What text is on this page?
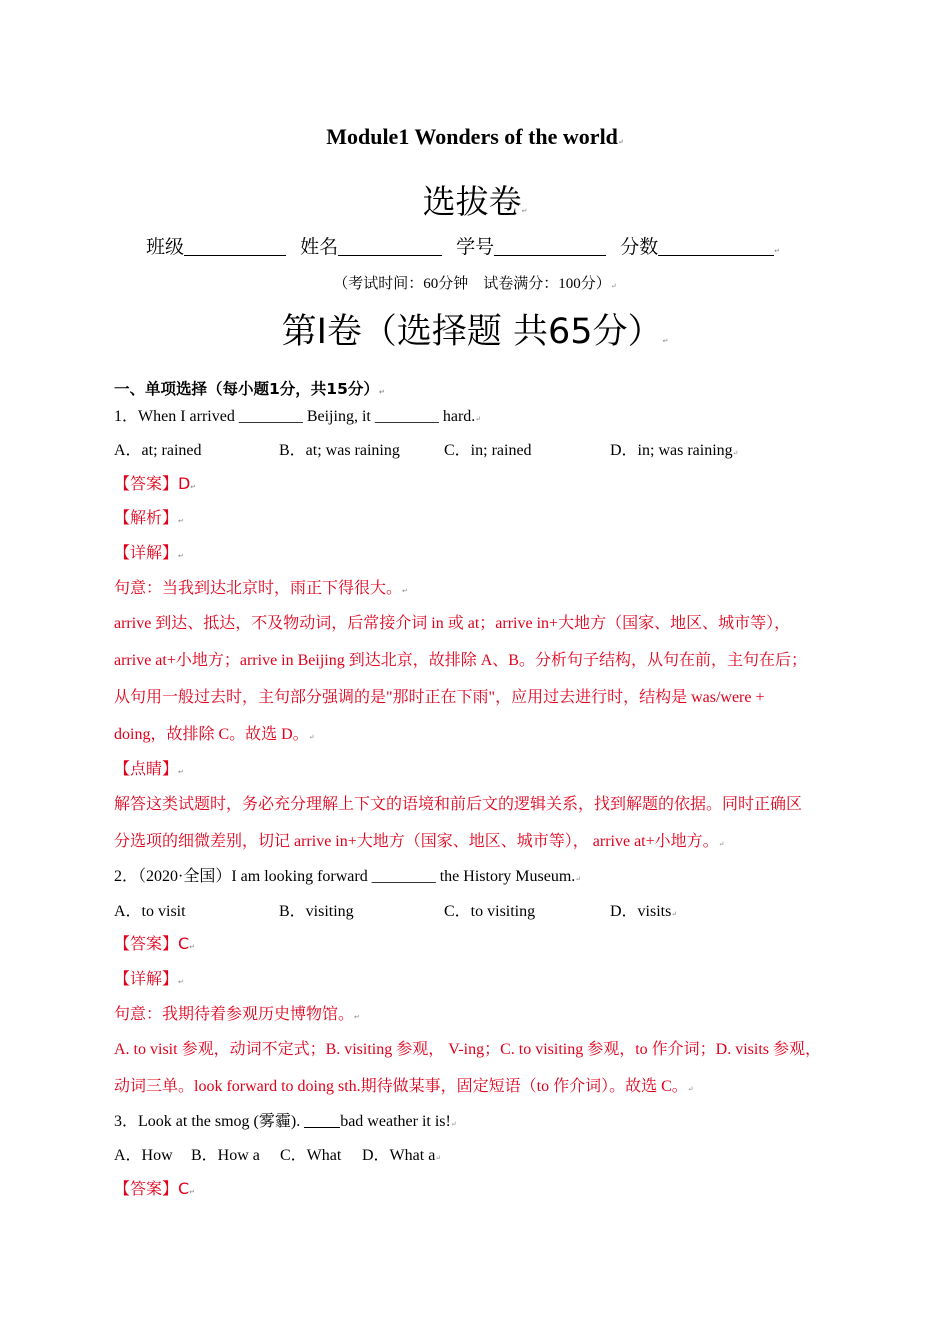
Module1 Wonders of the world↵
选拔卷↵
班级	姓名	学号	分数	↵
（考试时间：60分钟　试卷满分：100分）↵
第Ⅰ卷（选择题 共65分）↵
一、单项选择（每小题1分，共15分）↵
1．When I arrived ________ Beijing, it ________ hard.↵
A．at; rained	B．at; was raining	C．in; rained	D．in; was raining↵
【答案】D↵
【解析】↵
【详解】↵
句意：当我到达北京时，雨正下得很大。↵
arrive 到达、抵达，不及物动词，后常接介词 in 或 at；arrive in+大地方（国家、地区、城市等），
arrive at+小地方；arrive in Beijing 到达北京，故排除 A、B。分析句子结构，从句在前，主句在后；
从句用一般过去时，主句部分强调的是"那时正在下雨"，应用过去进行时，结构是 was/were +
doing，故排除 C。故选 D。↵
【点睛】↵
解答这类试题时，务必充分理解上下文的语境和前后文的逻辑关系，找到解题的依据。同时正确区
分选项的细微差别，切记 arrive in+大地方（国家、地区、城市等）， arrive at+小地方。↵
2．（2020·全国）I am looking forward ________ the History Museum.↵
A．to visit	B．visiting	C．to visiting	D．visits↵
【答案】C↵
【详解】↵
句意：我期待着参观历史博物馆。↵
A. to visit 参观，动词不定式；B. visiting 参观， V-ing；C. to visiting 参观，to 作介词；D. visits 参观，
动词三单。look forward to doing sth.期待做某事，固定短语（to 作介词）。故选 C。↵
3．Look at the smog (雾霾). bad weather it is!↵
A．How B．How a C．What D．What a↵
【答案】C↵
